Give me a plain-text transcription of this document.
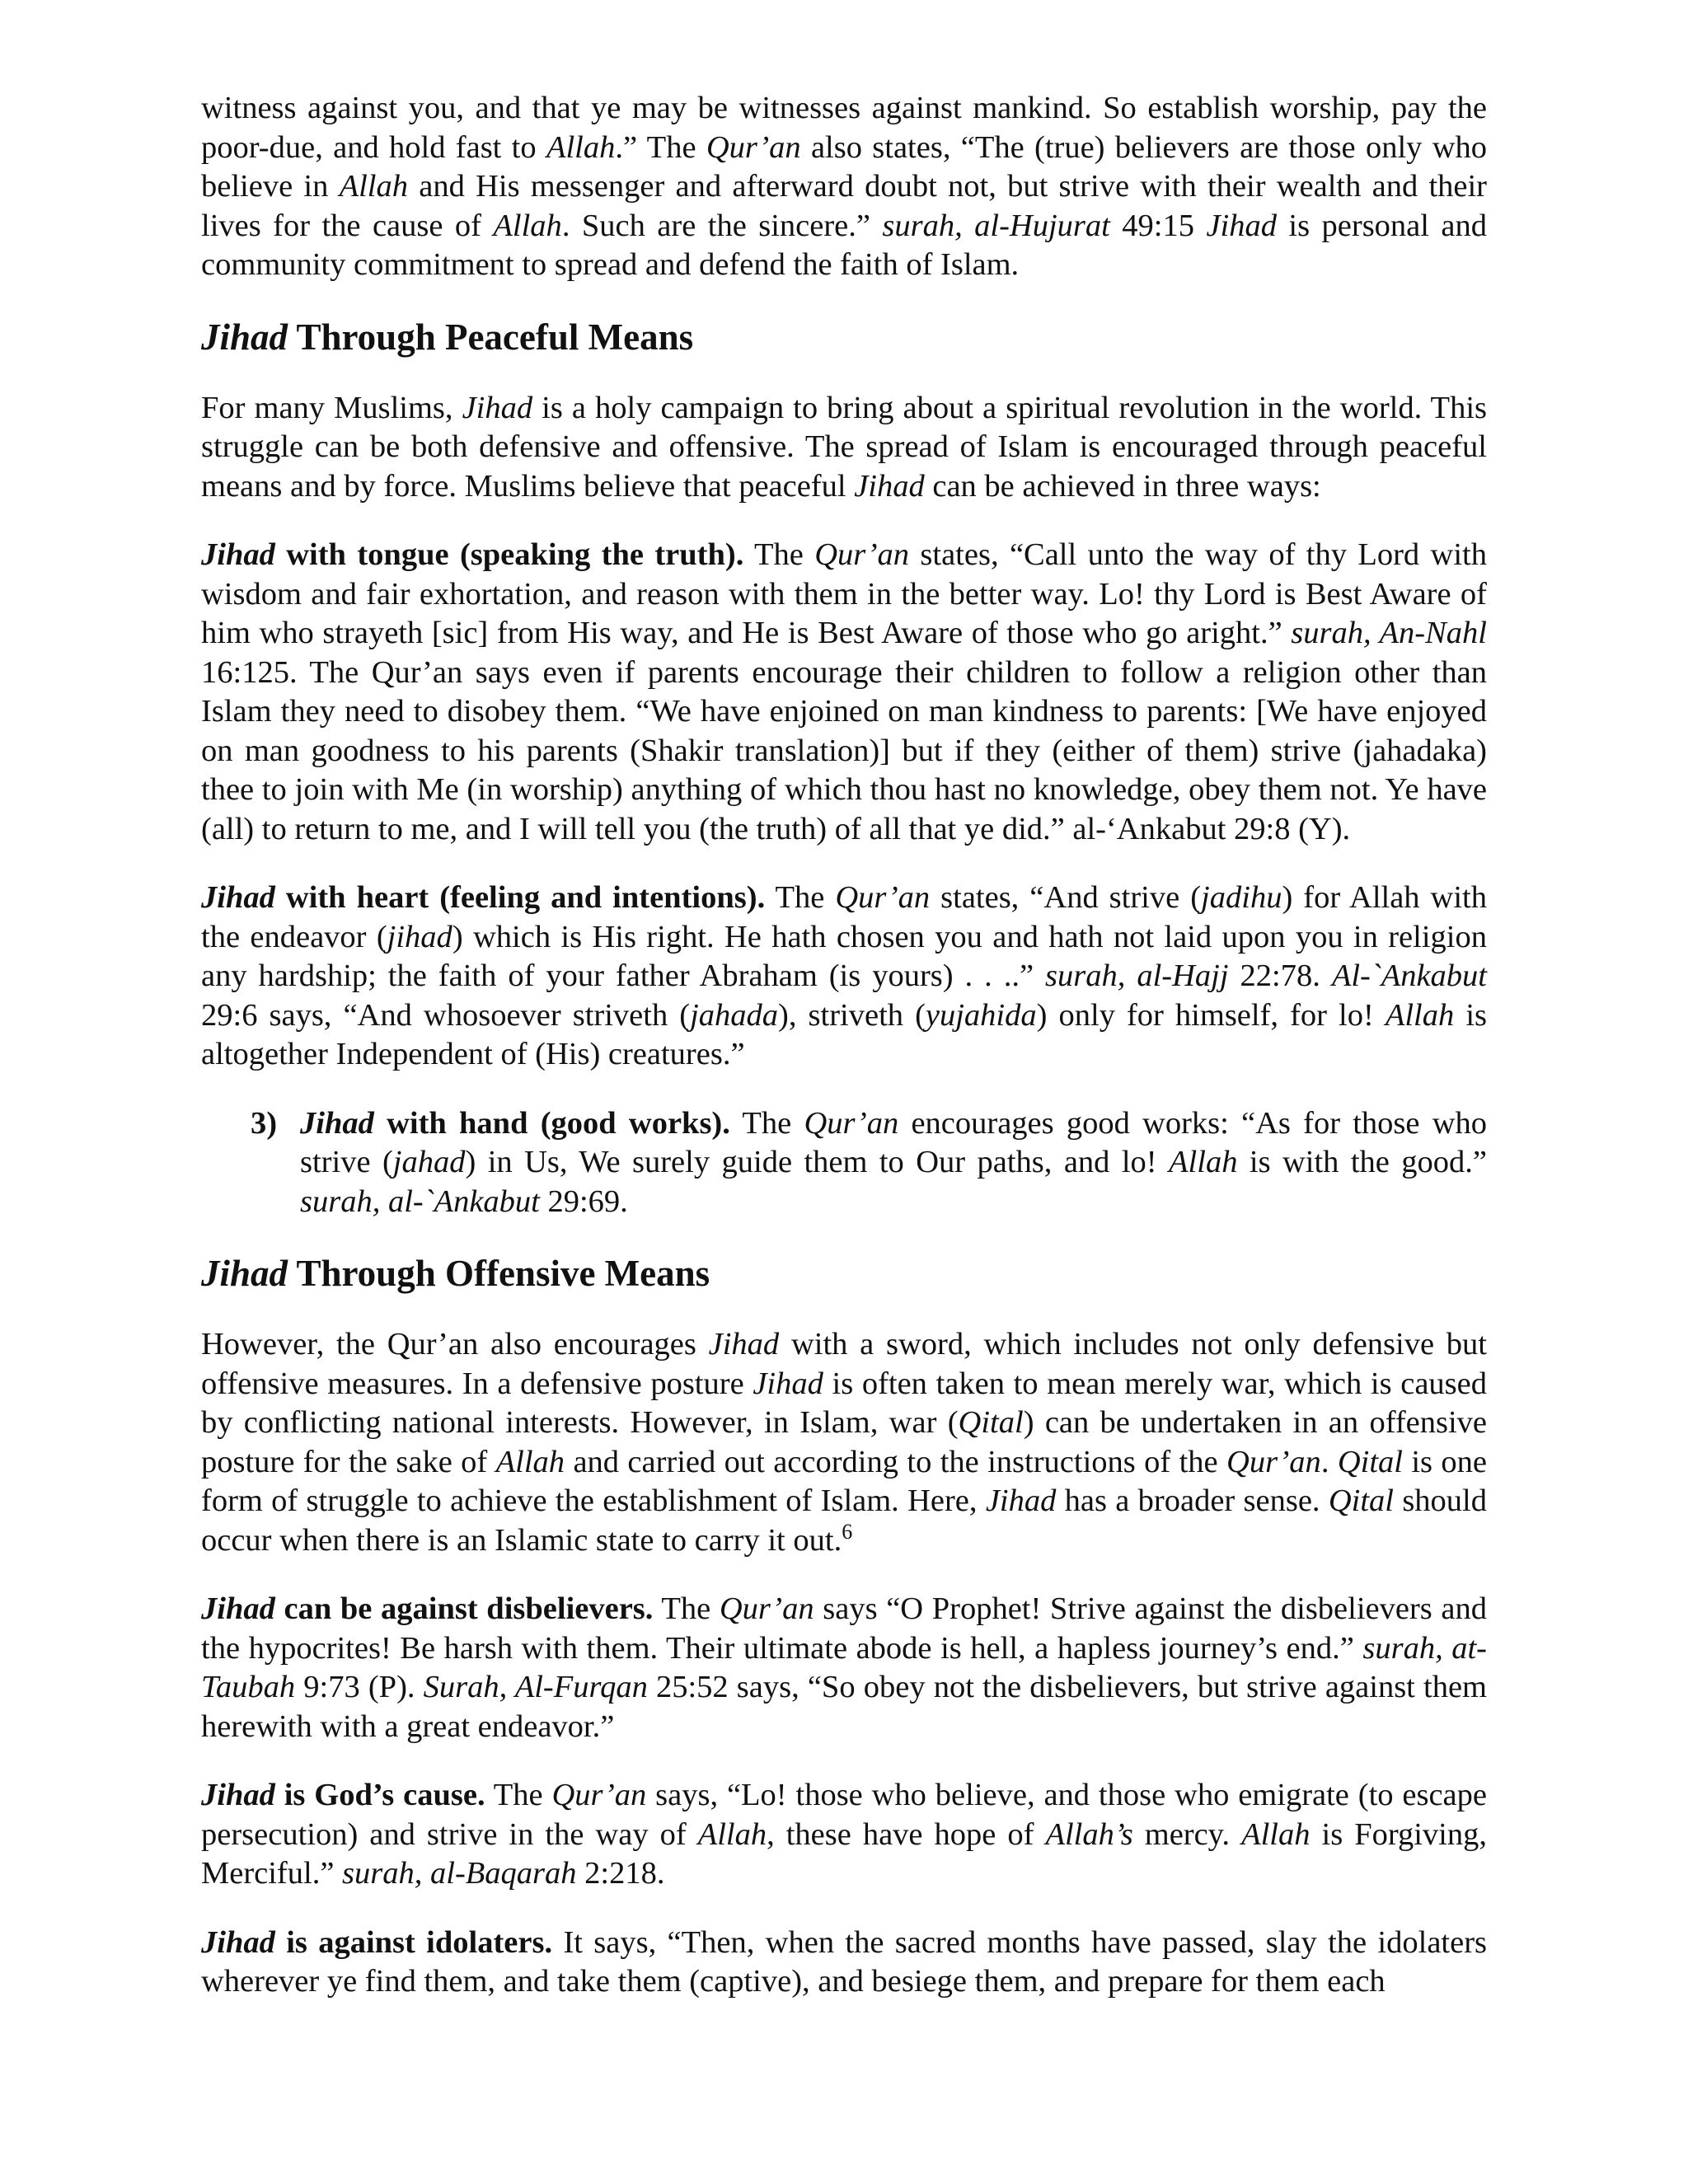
witness against you, and that ye may be witnesses against mankind. So establish worship, pay the poor-due, and hold fast to Allah.” The Qur’an also states, “The (true) believers are those only who believe in Allah and His messenger and afterward doubt not, but strive with their wealth and their lives for the cause of Allah. Such are the sincere.” surah, al-Hujurat 49:15 Jihad is personal and community commitment to spread and defend the faith of Islam.

Jihad Through Peaceful Means

For many Muslims, Jihad is a holy campaign to bring about a spiritual revolution in the world. This struggle can be both defensive and offensive. The spread of Islam is encouraged through peaceful means and by force. Muslims believe that peaceful Jihad can be achieved in three ways:

Jihad with tongue (speaking the truth). The Qur’an states, “Call unto the way of thy Lord with wisdom and fair exhortation, and reason with them in the better way. Lo! thy Lord is Best Aware of him who strayeth [sic] from His way, and He is Best Aware of those who go aright.” surah, An-Nahl 16:125. The Qur’an says even if parents encourage their children to follow a religion other than Islam they need to disobey them. “We have enjoined on man kindness to parents: [We have enjoyed on man goodness to his parents (Shakir translation)] but if they (either of them) strive (jahadaka) thee to join with Me (in worship) anything of which thou hast no knowledge, obey them not. Ye have (all) to return to me, and I will tell you (the truth) of all that ye did.” al-‘Ankabut 29:8 (Y).

Jihad with heart (feeling and intentions). The Qur’an states, “And strive (jadihu) for Allah with the endeavor (jihad) which is His right. He hath chosen you and hath not laid upon you in religion any hardship; the faith of your father Abraham (is yours) . . ..” surah, al-Hajj 22:78. Al-`Ankabut 29:6 says, “And whosoever striveth (jahada), striveth (yujahida) only for himself, for lo! Allah is altogether Independent of (His) creatures.”

3) Jihad with hand (good works). The Qur’an encourages good works: “As for those who strive (jahad) in Us, We surely guide them to Our paths, and lo! Allah is with the good.” surah, al-`Ankabut 29:69.

Jihad Through Offensive Means

However, the Qur’an also encourages Jihad with a sword, which includes not only defensive but offensive measures. In a defensive posture Jihad is often taken to mean merely war, which is caused by conflicting national interests. However, in Islam, war (Qital) can be undertaken in an offensive posture for the sake of Allah and carried out according to the instructions of the Qur’an. Qital is one form of struggle to achieve the establishment of Islam. Here, Jihad has a broader sense. Qital should occur when there is an Islamic state to carry it out.$^6$

Jihad can be against disbelievers. The Qur’an says “O Prophet! Strive against the disbelievers and the hypocrites! Be harsh with them. Their ultimate abode is hell, a hapless journey’s end.” surah, at-Taubah 9:73 (P). Surah, Al-Furqan 25:52 says, “So obey not the disbelievers, but strive against them herewith with a great endeavor.”

Jihad is God’s cause. The Qur’an says, “Lo! those who believe, and those who emigrate (to escape persecution) and strive in the way of Allah, these have hope of Allah’s mercy. Allah is Forgiving, Merciful.” surah, al-Baqarah 2:218.

Jihad is against idolaters. It says, “Then, when the sacred months have passed, slay the idolaters wherever ye find them, and take them (captive), and besiege them, and prepare for them each
